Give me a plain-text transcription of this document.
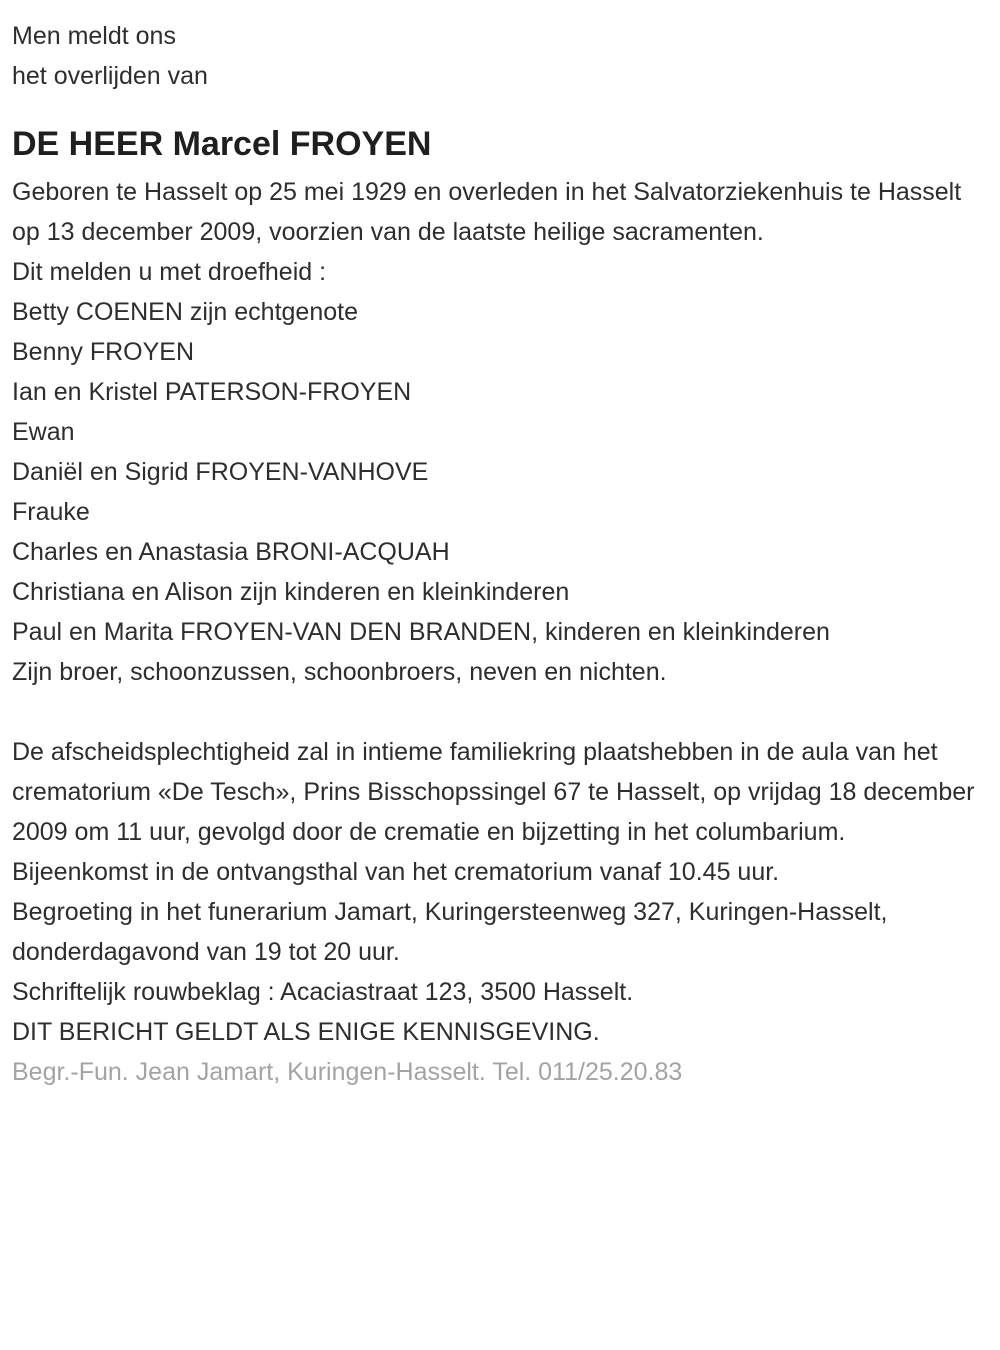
Men meldt ons
het overlijden van
DE HEER Marcel FROYEN

Geboren te Hasselt op 25 mei 1929 en overleden in het Salvatorziekenhuis te Hasselt op 13 december 2009, voorzien van de laatste heilige sacramenten.

Dit melden u met droefheid :

Betty COENEN zijn echtgenote
Benny FROYEN
Ian en Kristel PATERSON-FROYEN
Ewan
Daniël en Sigrid FROYEN-VANHOVE
Frauke
Charles en Anastasia BRONI-ACQUAH
Christiana en Alison zijn kinderen en kleinkinderen
Paul en Marita FROYEN-VAN DEN BRANDEN, kinderen en kleinkinderen
Zijn broer, schoonzussen, schoonbroers, neven en nichten.

De afscheidsplechtigheid zal in intieme familiekring plaatshebben in de aula van het crematorium «De Tesch», Prins Bisschopssingel 67 te Hasselt, op vrijdag 18 december 2009 om 11 uur, gevolgd door de crematie en bijzetting in het columbarium.

Bijeenkomst in de ontvangsthal van het crematorium vanaf 10.45 uur.

Begroeting in het funerarium Jamart, Kuringersteenweg 327, Kuringen-Hasselt, donderdagavond van 19 tot 20 uur.

Schriftelijk rouwbeklag : Acaciastraat 123, 3500 Hasselt.

DIT BERICHT GELDT ALS ENIGE KENNISGEVING.

Begr.-Fun. Jean Jamart, Kuringen-Hasselt. Tel. 011/25.20.83
